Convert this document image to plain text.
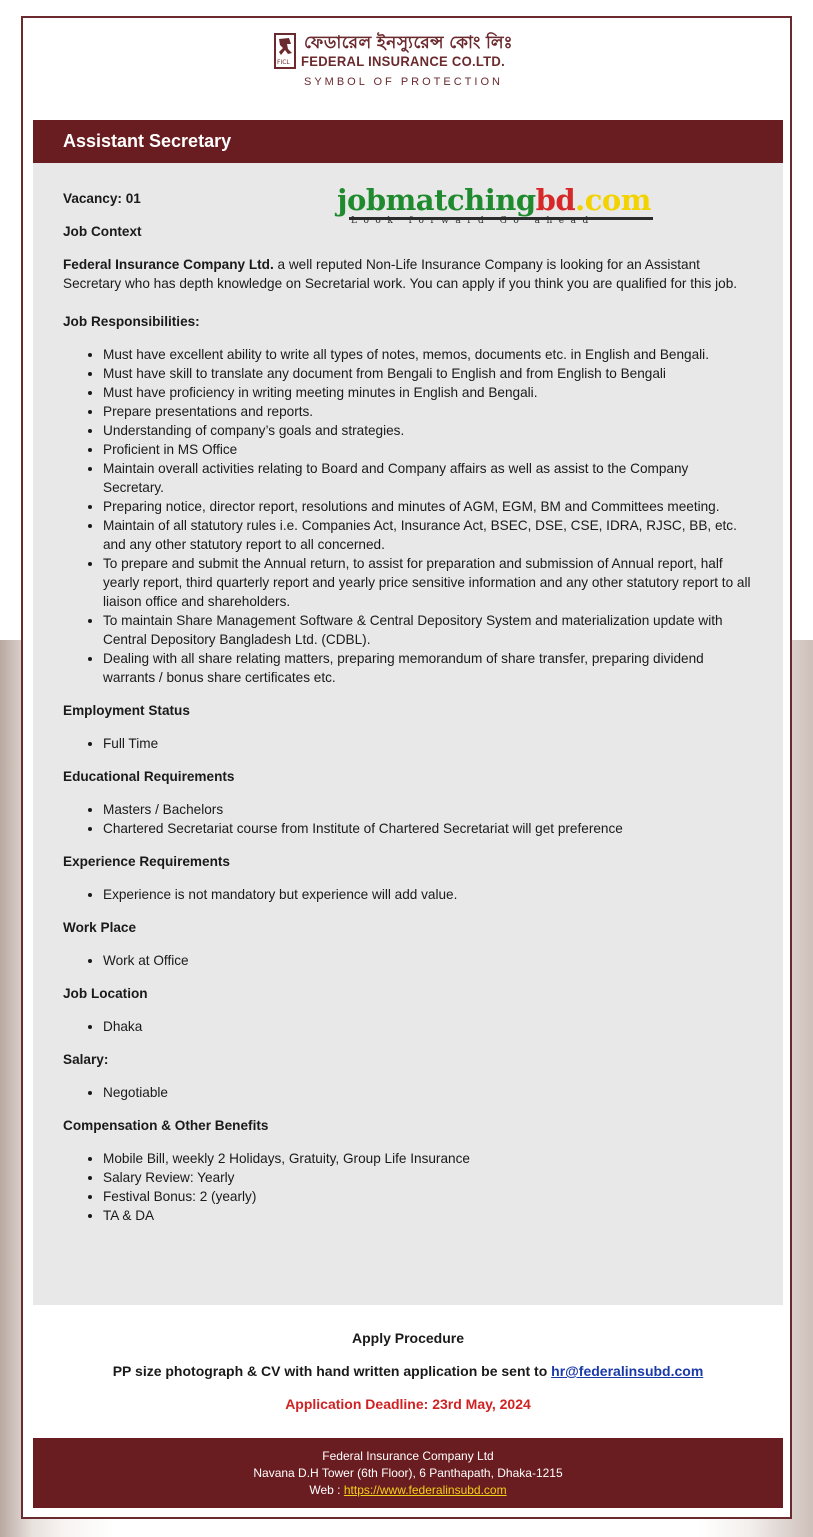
FICL
ফেডারেল ইনস্যুরেন্স কোং লিঃ
FEDERAL INSURANCE CO.LTD.
SYMBOL OF PROTECTION
Assistant Secretary
Vacancy: 01
Job Context

Federal Insurance Company Ltd. a well reputed Non-Life Insurance Company is looking for an Assistant Secretary who has depth knowledge on Secretarial work. You can apply if you think you are qualified for this job.

Job Responsibilities:
• Must have excellent ability to write all types of notes, memos, documents etc. in English and Bengali.
• Must have skill to translate any document from Bengali to English and from English to Bengali
• Must have proficiency in writing meeting minutes in English and Bengali.
• Prepare presentations and reports.
• Understanding of company’s goals and strategies.
• Proficient in MS Office
• Maintain overall activities relating to Board and Company affairs as well as assist to the Company Secretary.
• Preparing notice, director report, resolutions and minutes of AGM, EGM, BM and Committees meeting.
• Maintain of all statutory rules i.e. Companies Act, Insurance Act, BSEC, DSE, CSE, IDRA, RJSC, BB, etc. and any other statutory report to all concerned.
• To prepare and submit the Annual return, to assist for preparation and submission of Annual report, half yearly report, third quarterly report and yearly price sensitive information and any other statutory report to all liaison office and shareholders.
• To maintain Share Management Software & Central Depository System and materialization update with Central Depository Bangladesh Ltd. (CDBL).
• Dealing with all share relating matters, preparing memorandum of share transfer, preparing dividend warrants / bonus share certificates etc.
Employment Status
• Full Time
Educational Requirements
• Masters / Bachelors
• Chartered Secretariat course from Institute of Chartered Secretariat will get preference
Experience Requirements
• Experience is not mandatory but experience will add value.
Work Place
• Work at Office
Job Location
• Dhaka
Salary:
• Negotiable
Compensation & Other Benefits
• Mobile Bill, weekly 2 Holidays, Gratuity, Group Life Insurance
• Salary Review: Yearly
• Festival Bonus: 2 (yearly)
• TA & DA
jobmatchingbd.com
Look forward Go ahead
Apply Procedure
PP size photograph & CV with hand written application be sent to hr@federalinsubd.com
Application Deadline: 23rd May, 2024
Federal Insurance Company Ltd
Navana D.H Tower (6th Floor), 6 Panthapath, Dhaka-1215
Web : https://www.federalinsubd.com
